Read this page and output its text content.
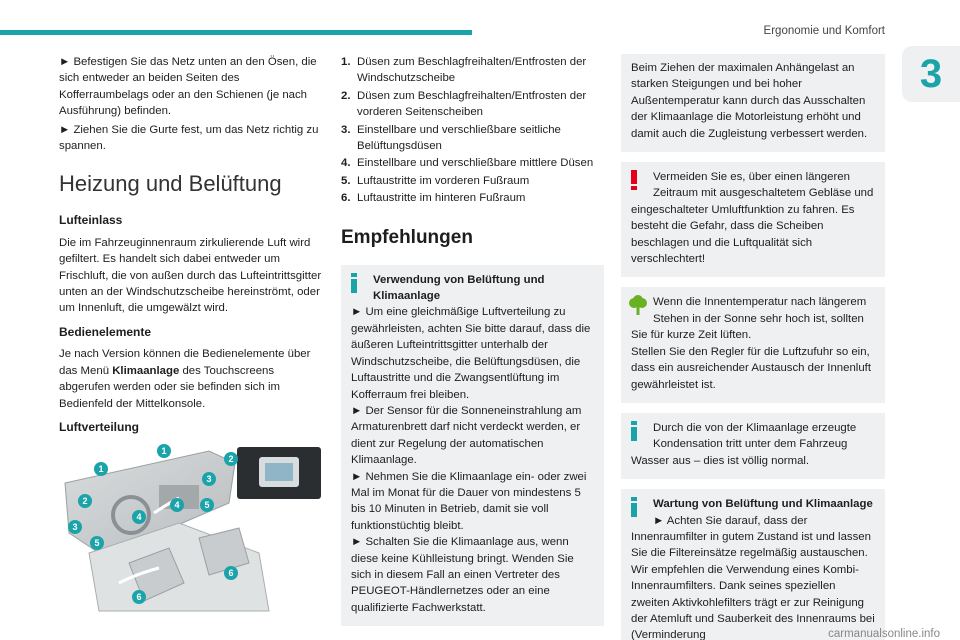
Ergonomie und Komfort
3

► Befestigen Sie das Netz unten an den Ösen, die sich entweder an beiden Seiten des Kofferraumbelags oder an den Schienen (je nach Ausführung) befinden.

► Ziehen Sie die Gurte fest, um das Netz richtig zu spannen.

Heizung und Belüftung
Lufteinlass

Die im Fahrzeuginnenraum zirkulierende Luft wird gefiltert. Es handelt sich dabei entweder um Frischluft, die von außen durch das Lufteintrittsgitter unten an der Windschutzscheibe hereinströmt, oder um Innenluft, die umgewälzt wird.

Bedienelemente

Je nach Version können die Bedienelemente über das Menü Klimaanlage des Touchscreens abgerufen werden oder sie befinden sich im Bedienfeld der Mittelkonsole.

Luftverteilung
1
1
2
2
3
3
4
4
5
5
6
6
1. Düsen zum Beschlagfreihalten/Entfrosten der Windschutzscheibe
2. Düsen zum Beschlagfreihalten/Entfrosten der vorderen Seitenscheiben
3. Einstellbare und verschließbare seitliche Belüftungsdüsen
4. Einstellbare und verschließbare mittlere Düsen
5. Luftaustritte im vorderen Fußraum
6. Luftaustritte im hinteren Fußraum
Empfehlungen

Verwendung von Belüftung und Klimaanlage

► Um eine gleichmäßige Luftverteilung zu gewährleisten, achten Sie bitte darauf, dass die äußeren Lufteintrittsgitter unterhalb der Windschutzscheibe, die Belüftungsdüsen, die Luftaustritte und die Zwangsentlüftung im Kofferraum frei bleiben.

► Der Sensor für die Sonneneinstrahlung am Armaturenbrett darf nicht verdeckt werden, er dient zur Regelung der automatischen Klimaanlage.

► Nehmen Sie die Klimaanlage ein- oder zwei Mal im Monat für die Dauer von mindestens 5 bis 10 Minuten in Betrieb, damit sie voll funktionstüchtig bleibt.

► Schalten Sie die Klimaanlage aus, wenn diese keine Kühlleistung bringt. Wenden Sie sich in diesem Fall an einen Vertreter des PEUGEOT-Händlernetzes oder an eine qualifizierte Fachwerkstatt.

Beim Ziehen der maximalen Anhängelast an starken Steigungen und bei hoher Außentemperatur kann durch das Ausschalten der Klimaanlage die Motorleistung erhöht und damit auch die Zugleistung verbessert werden.

Vermeiden Sie es, über einen längeren Zeitraum mit ausgeschaltetem Gebläse und

eingeschalteter Umluftfunktion zu fahren. Es besteht die Gefahr, dass die Scheiben beschlagen und die Luftqualität sich verschlechtert!

Wenn die Innentemperatur nach längerem Stehen in der Sonne sehr hoch ist, sollten

Sie für kurze Zeit lüften.

Stellen Sie den Regler für die Luftzufuhr so ein, dass ein ausreichender Austausch der Innenluft gewährleistet ist.

Durch die von der Klimaanlage erzeugte Kondensation tritt unter dem Fahrzeug

Wasser aus – dies ist völlig normal.

Wartung von Belüftung und Klimaanlage

► Achten Sie darauf, dass der

Innenraumfilter in gutem Zustand ist und lassen Sie die Filtereinsätze regelmäßig austauschen. Wir empfehlen die Verwendung eines Kombi-Innenraumfilters. Dank seines speziellen zweiten Aktivkohlefilters trägt er zur Reinigung der Atemluft und Sauberkeit des Innenraums bei (Verminderung	carmanualsonline.info
